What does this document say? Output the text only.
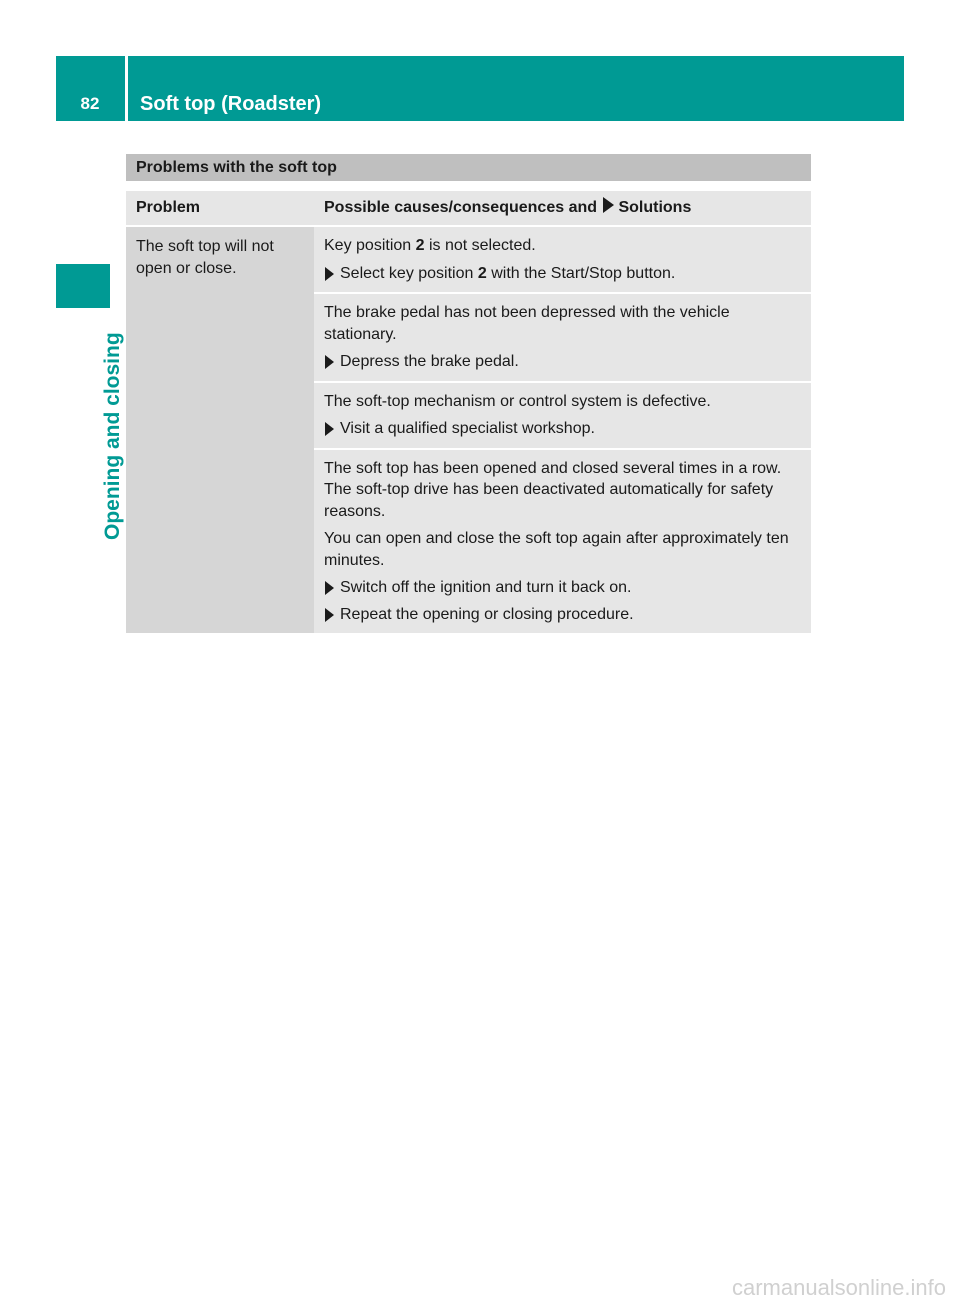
82	Soft top (Roadster)
Opening and closing
Problems with the soft top
Problem	Possible causes/consequences and Solutions
The soft top will not open or close.

Key position 2 is not selected.

Select key position 2 with the Start/Stop button.

The brake pedal has not been depressed with the vehicle stationary.

Depress the brake pedal.

The soft-top mechanism or control system is defective.

Visit a qualified specialist workshop.

The soft top has been opened and closed several times in a row. The soft-top drive has been deactivated automatically for safety reasons.

You can open and close the soft top again after approximately ten minutes.

Switch off the ignition and turn it back on.
Repeat the opening or closing procedure.
carmanualsonline.info
